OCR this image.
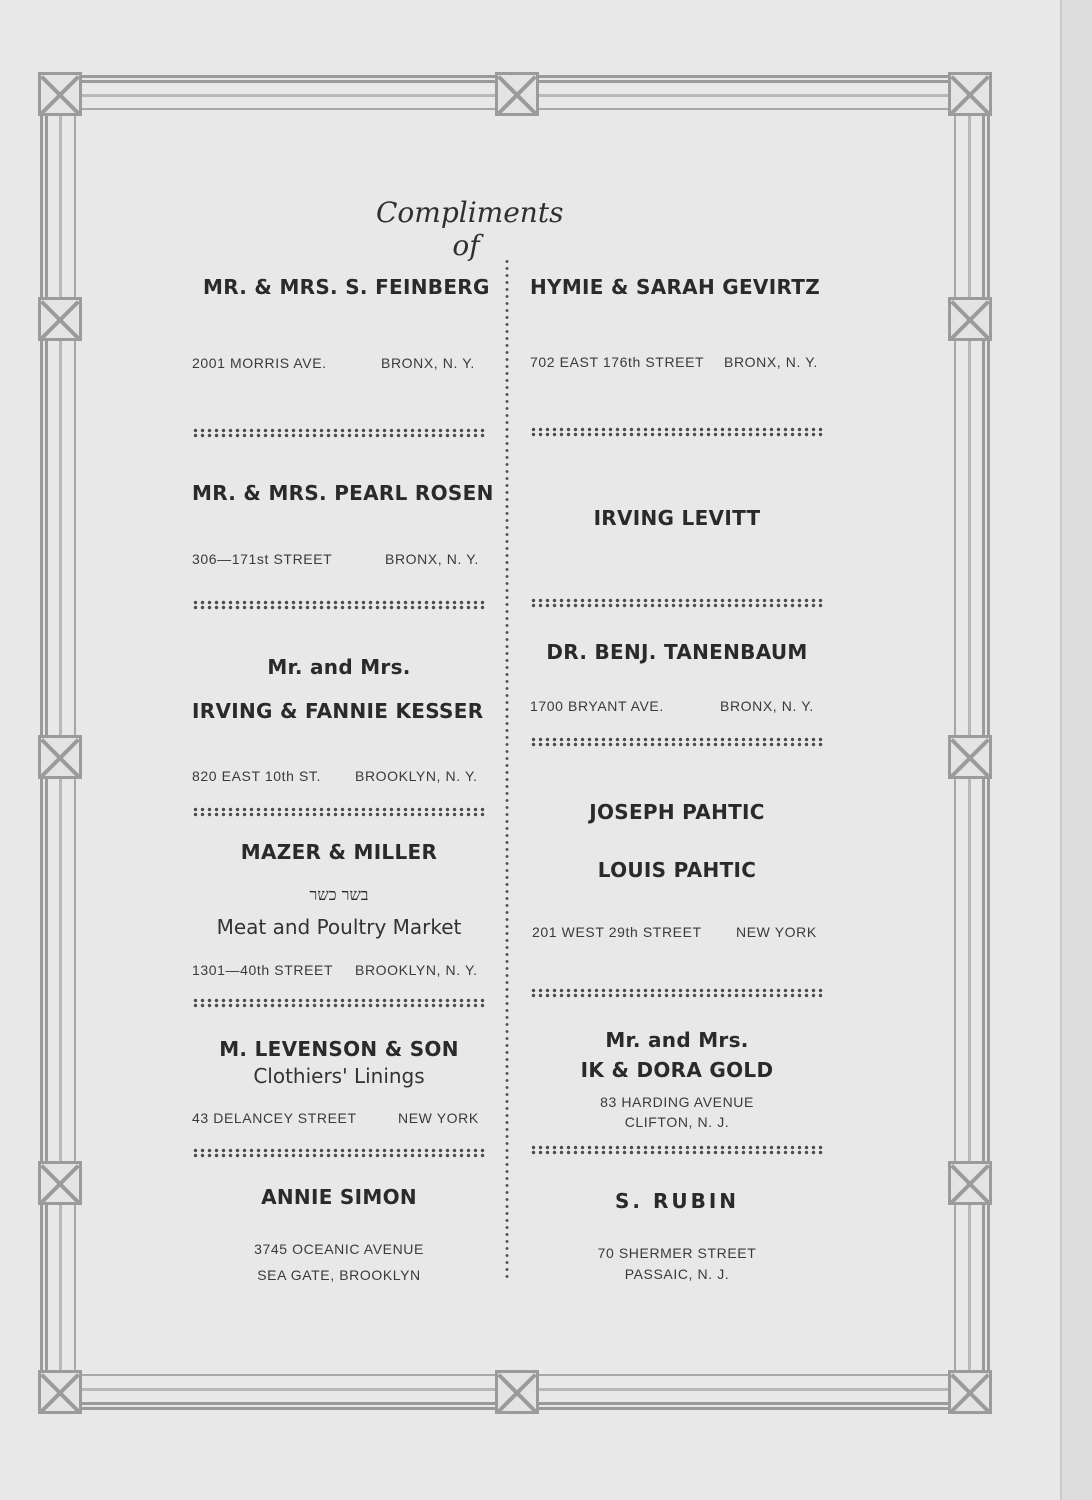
Compliments of
MR. & MRS. S. FEINBERG
2001 MORRIS AVE.	BRONX, N. Y.
MR. & MRS. PEARL ROSEN
306—171st STREET	BRONX, N. Y.
Mr. and Mrs.
IRVING & FANNIE KESSER
820 EAST 10th ST. BROOKLYN, N. Y.
MAZER & MILLER
בשר כשר
Meat and Poultry Market
1301—40th STREET BROOKLYN, N. Y.
M. LEVENSON & SON
Clothiers' Linings
43 DELANCEY STREET	NEW YORK
ANNIE SIMON
3745 OCEANIC AVENUE
SEA GATE, BROOKLYN
HYMIE & SARAH GEVIRTZ
702 EAST 176th STREET BRONX, N. Y.
IRVING LEVITT
DR. BENJ. TANENBAUM
1700 BRYANT AVE.	BRONX, N. Y.
JOSEPH PAHTIC
LOUIS PAHTIC
201 WEST 29th STREET NEW YORK
Mr. and Mrs.
IK & DORA GOLD
83 HARDING AVENUE
CLIFTON, N. J.
S. RUBIN
70 SHERMER STREET
PASSAIC, N. J.
